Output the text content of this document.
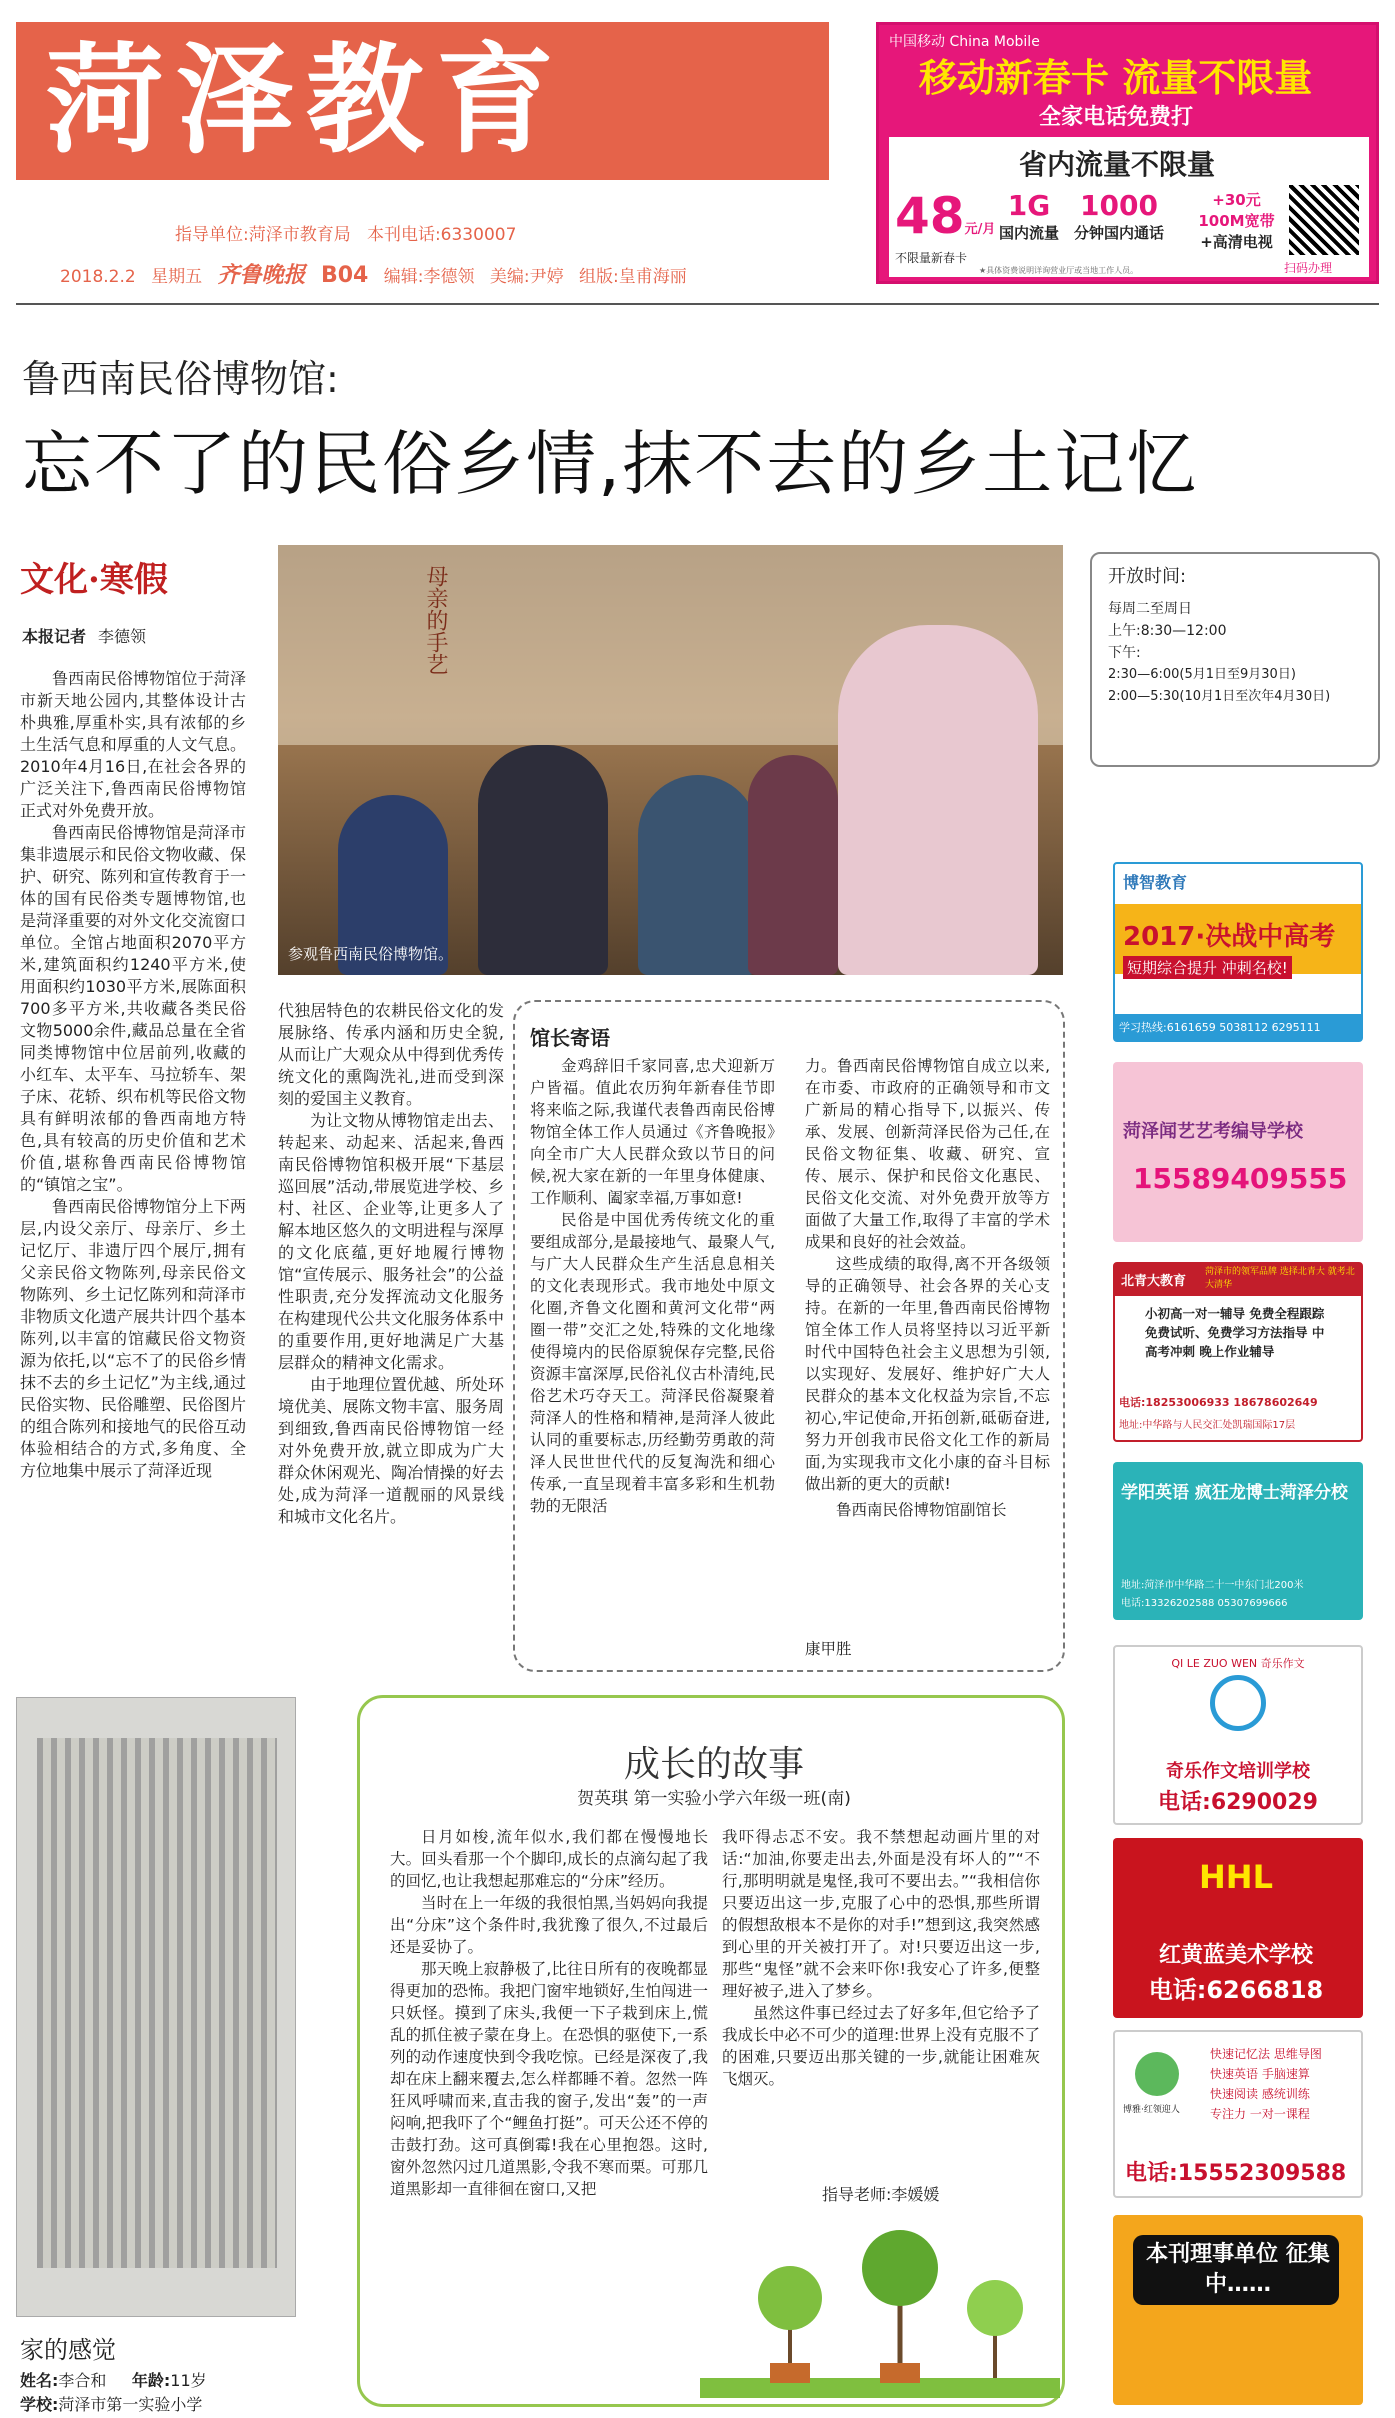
菏泽教育
指导单位:菏泽市教育局 本刊电话:6330007
2018.2.2 星期五 齐鲁晚报 B04 编辑:李德领 美编:尹婷 组版:皇甫海丽
中国移动 China Mobile
移动新春卡 流量不限量
全家电话免费打
省内流量不限量
48元/月
不限量新春卡
1G
国内流量
1000
分钟国内通话
+30元 100M宽带
+高清电视
扫码办理
★具体资费说明详询营业厅或当地工作人员。
鲁西南民俗博物馆:
忘不了的民俗乡情,抹不去的乡土记忆
文化·寒假
本报记者 李德领

鲁西南民俗博物馆位于菏泽市新天地公园内,其整体设计古朴典雅,厚重朴实,具有浓郁的乡土生活气息和厚重的人文气息。2010年4月16日,在社会各界的广泛关注下,鲁西南民俗博物馆正式对外免费开放。

鲁西南民俗博物馆是菏泽市集非遗展示和民俗文物收藏、保护、研究、陈列和宣传教育于一体的国有民俗类专题博物馆,也是菏泽重要的对外文化交流窗口单位。全馆占地面积2070平方米,建筑面积约1240平方米,使用面积约1030平方米,展陈面积700多平方米,共收藏各类民俗文物5000余件,藏品总量在全省同类博物馆中位居前列,收藏的小红车、太平车、马拉轿车、架子床、花轿、织布机等民俗文物具有鲜明浓郁的鲁西南地方特色,具有较高的历史价值和艺术价值,堪称鲁西南民俗博物馆的“镇馆之宝”。

鲁西南民俗博物馆分上下两层,内设父亲厅、母亲厅、乡土记忆厅、非遗厅四个展厅,拥有父亲民俗文物陈列,母亲民俗文物陈列、乡土记忆陈列和菏泽市非物质文化遗产展共计四个基本陈列,以丰富的馆藏民俗文物资源为依托,以“忘不了的民俗乡情 抹不去的乡土记忆”为主线,通过民俗实物、民俗雕塑、民俗图片的组合陈列和接地气的民俗互动体验相结合的方式,多角度、全方位地集中展示了菏泽近现

母亲的手艺
参观鲁西南民俗博物馆。
开放时间:
每周二至周日
上午:8:30—12:00
下午:
2:30—6:00(5月1日至9月30日)
2:00—5:30(10月1日至次年4月30日)

代独居特色的农耕民俗文化的发展脉络、传承内涵和历史全貌,从而让广大观众从中得到优秀传统文化的熏陶洗礼,进而受到深刻的爱国主义教育。

为让文物从博物馆走出去、转起来、动起来、活起来,鲁西南民俗博物馆积极开展“下基层巡回展”活动,带展览进学校、乡村、社区、企业等,让更多人了解本地区悠久的文明进程与深厚的文化底蕴,更好地履行博物馆“宣传展示、服务社会”的公益性职责,充分发挥流动文化服务在构建现代公共文化服务体系中的重要作用,更好地满足广大基层群众的精神文化需求。

由于地理位置优越、所处环境优美、展陈文物丰富、服务周到细致,鲁西南民俗博物馆一经对外免费开放,就立即成为广大群众休闲观光、陶冶情操的好去处,成为菏泽一道靓丽的风景线和城市文化名片。

馆长寄语

金鸡辞旧千家同喜,忠犬迎新万户皆福。值此农历狗年新春佳节即将来临之际,我谨代表鲁西南民俗博物馆全体工作人员通过《齐鲁晚报》向全市广大人民群众致以节日的问候,祝大家在新的一年里身体健康、工作顺利、阖家幸福,万事如意!

民俗是中国优秀传统文化的重要组成部分,是最接地气、最聚人气,与广大人民群众生产生活息息相关的文化表现形式。我市地处中原文化圈,齐鲁文化圈和黄河文化带“两圈一带”交汇之处,特殊的文化地缘使得境内的民俗原貌保存完整,民俗资源丰富深厚,民俗礼仪古朴清纯,民俗艺术巧夺天工。菏泽民俗凝聚着菏泽人的性格和精神,是菏泽人彼此认同的重要标志,历经勤劳勇敢的菏泽人民世世代代的反复淘洗和细心传承,一直呈现着丰富多彩和生机勃勃的无限活

力。鲁西南民俗博物馆自成立以来,在市委、市政府的正确领导和市文广新局的精心指导下,以振兴、传承、发展、创新菏泽民俗为己任,在民俗文物征集、收藏、研究、宣传、展示、保护和民俗文化惠民、民俗文化交流、对外免费开放等方面做了大量工作,取得了丰富的学术成果和良好的社会效益。

这些成绩的取得,离不开各级领导的正确领导、社会各界的关心支持。在新的一年里,鲁西南民俗博物馆全体工作人员将坚持以习近平新时代中国特色社会主义思想为引领,以实现好、发展好、维护好广大人民群众的基本文化权益为宗旨,不忘初心,牢记使命,开拓创新,砥砺奋进,努力开创我市民俗文化工作的新局面,为实现我市文化小康的奋斗目标做出新的更大的贡献!

鲁西南民俗博物馆副馆长

康甲胜
博智教育
2017·决战中高考
短期综合提升 冲刺名校!
学习热线:6161659 5038112 6295111
菏泽闻艺艺考编导学校
15589409555
北青大教育
菏泽市的领军品牌 选择北青大 就考北大清华
小初高一对一辅导 免费全程跟踪 免费试听、免费学习方法指导 中高考冲刺 晚上作业辅导
电话:18253006933 18678602649
地址:中华路与人民交汇处凯瑞国际17层
学阳英语 疯狂龙博士菏泽分校
地址:菏泽市中华路二十一中东门北200米
电话:13326202588 05307699666
QI LE ZUO WEN 奇乐作文
奇乐作文培训学校
电话:6290029
HHL
红黄蓝美术学校
电话:6266818
博雅·红领迎人
快速记忆法 思维导图
快速英语 手脑速算
快速阅读 感统训练
专注力 一对一课程
电话:15552309588
本刊理事单位 征集中……
家的感觉
姓名:李合和 年龄:11岁
学校:菏泽市第一实验小学
成长的故事
贺英琪 第一实验小学六年级一班(南)

日月如梭,流年似水,我们都在慢慢地长大。回头看那一个个脚印,成长的点滴勾起了我的回忆,也让我想起那难忘的“分床”经历。

当时在上一年级的我很怕黑,当妈妈向我提出“分床”这个条件时,我犹豫了很久,不过最后还是妥协了。

那天晚上寂静极了,比往日所有的夜晚都显得更加的恐怖。我把门窗牢地锁好,生怕闯进一只妖怪。摸到了床头,我便一下子栽到床上,慌乱的抓住被子蒙在身上。在恐惧的驱使下,一系列的动作速度快到令我吃惊。已经是深夜了,我却在床上翻来覆去,怎么样都睡不着。忽然一阵狂风呼啸而来,直击我的窗子,发出“轰”的一声闷响,把我吓了个“鲤鱼打挺”。可天公还不停的击鼓打劲。这可真倒霉!我在心里抱怨。这时,窗外忽然闪过几道黑影,令我不寒而栗。可那几道黑影却一直徘徊在窗口,又把

我吓得忐忑不安。我不禁想起动画片里的对话:“加油,你要走出去,外面是没有坏人的”“不行,那明明就是鬼怪,我可不要出去。”“我相信你只要迈出这一步,克服了心中的恐惧,那些所谓的假想敌根本不是你的对手!”想到这,我突然感到心里的开关被打开了。对!只要迈出这一步,那些“鬼怪”就不会来吓你!我安心了许多,便整理好被子,进入了梦乡。

虽然这件事已经过去了好多年,但它给予了我成长中必不可少的道理:世界上没有克服不了的困难,只要迈出那关键的一步,就能让困难灰飞烟灭。

指导老师:李媛媛
